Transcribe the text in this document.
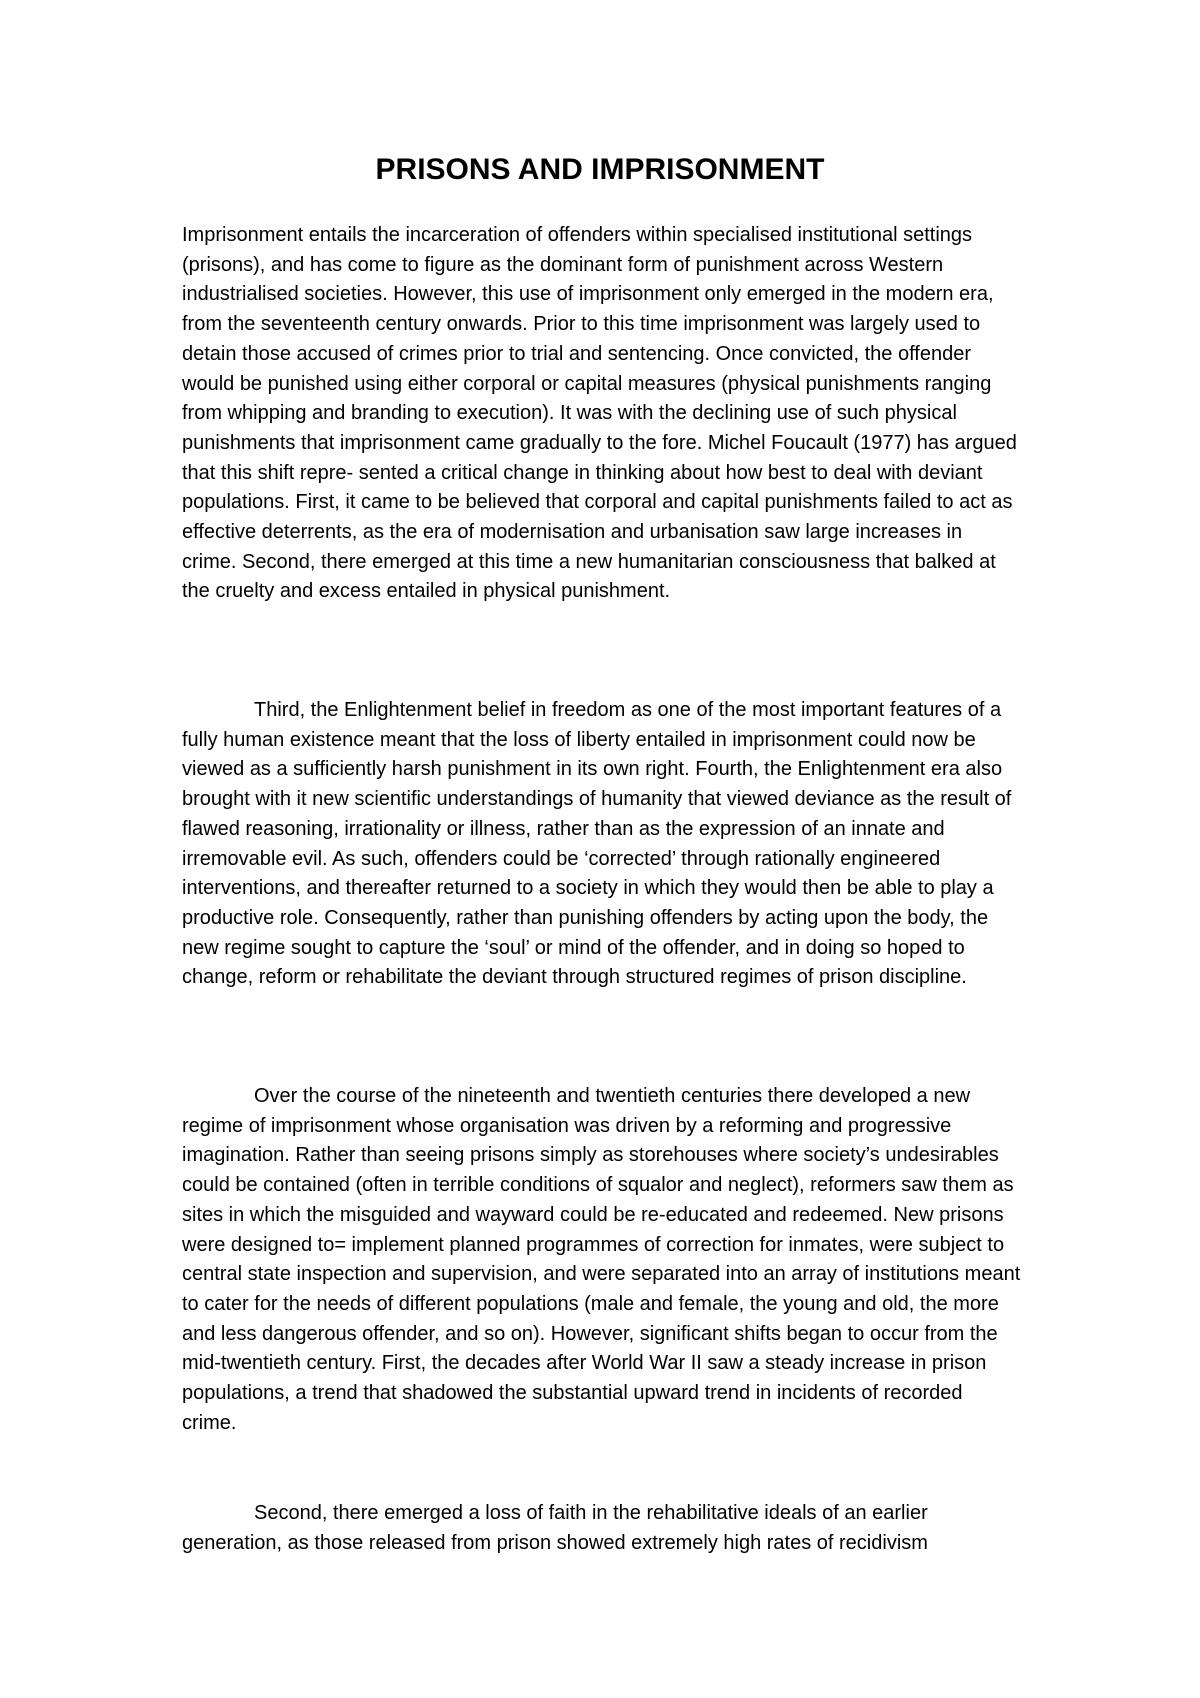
PRISONS AND IMPRISONMENT

Imprisonment entails the incarceration of offenders within specialised institutional settings (prisons), and has come to figure as the dominant form of punishment across Western industrialised societies. However, this use of imprisonment only emerged in the modern era, from the seventeenth century onwards. Prior to this time imprisonment was largely used to detain those accused of crimes prior to trial and sentencing. Once convicted, the offender would be punished using either corporal or capital measures (physical punishments ranging from whipping and branding to execution). It was with the declining use of such physical punishments that imprisonment came gradually to the fore. Michel Foucault (1977) has argued that this shift repre- sented a critical change in thinking about how best to deal with deviant populations. First, it came to be believed that corporal and capital punishments failed to act as effective deterrents, as the era of modernisation and urbanisation saw large increases in crime. Second, there emerged at this time a new humanitarian consciousness that balked at the cruelty and excess entailed in physical punishment.

Third, the Enlightenment belief in freedom as one of the most important features of a fully human existence meant that the loss of liberty entailed in imprisonment could now be viewed as a sufficiently harsh punishment in its own right. Fourth, the Enlightenment era also brought with it new scientific understandings of humanity that viewed deviance as the result of flawed reasoning, irrationality or illness, rather than as the expression of an innate and irremovable evil. As such, offenders could be ‘corrected’ through rationally engineered interventions, and thereafter returned to a society in which they would then be able to play a productive role. Consequently, rather than punishing offenders by acting upon the body, the new regime sought to capture the ‘soul’ or mind of the offender, and in doing so hoped to change, reform or rehabilitate the deviant through structured regimes of prison discipline.

Over the course of the nineteenth and twentieth centuries there developed a new regime of imprisonment whose organisation was driven by a reforming and progressive imagination. Rather than seeing prisons simply as storehouses where society’s undesirables could be contained (often in terrible conditions of squalor and neglect), reformers saw them as sites in which the misguided and wayward could be re-educated and redeemed. New prisons were designed to= implement planned programmes of correction for inmates, were subject to central state inspection and supervision, and were separated into an array of institutions meant to cater for the needs of different populations (male and female, the young and old, the more and less dangerous offender, and so on). However, significant shifts began to occur from the mid-twentieth century. First, the decades after World War II saw a steady increase in prison populations, a trend that shadowed the substantial upward trend in incidents of recorded crime.

Second, there emerged a loss of faith in the rehabilitative ideals of an earlier generation, as those released from prison showed extremely high rates of recidivism
